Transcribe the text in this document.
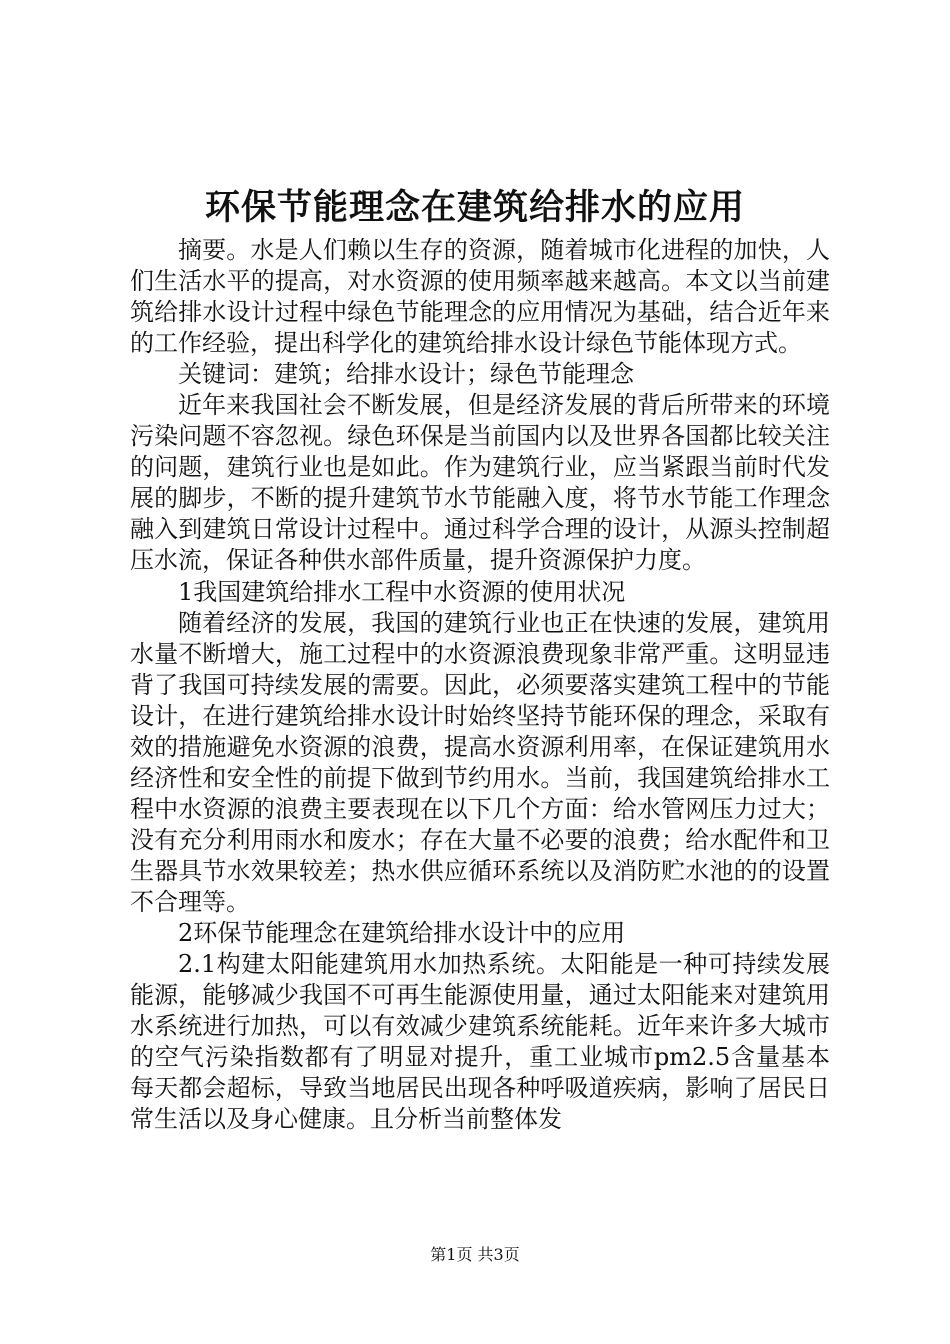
环保节能理念在建筑给排水的应用

摘要。水是人们赖以生存的资源，随着城市化进程的加快，人们生活水平的提高，对水资源的使用频率越来越高。本文以当前建筑给排水设计过程中绿色节能理念的应用情况为基础，结合近年来的工作经验，提出科学化的建筑给排水设计绿色节能体现方式。

关键词：建筑；给排水设计；绿色节能理念

近年来我国社会不断发展，但是经济发展的背后所带来的环境污染问题不容忽视。绿色环保是当前国内以及世界各国都比较关注的问题，建筑行业也是如此。作为建筑行业，应当紧跟当前时代发展的脚步，不断的提升建筑节水节能融入度，将节水节能工作理念融入到建筑日常设计过程中。通过科学合理的设计，从源头控制超压水流，保证各种供水部件质量，提升资源保护力度。

1我国建筑给排水工程中水资源的使用状况

随着经济的发展，我国的建筑行业也正在快速的发展，建筑用水量不断增大，施工过程中的水资源浪费现象非常严重。这明显违背了我国可持续发展的需要。因此，必须要落实建筑工程中的节能设计，在进行建筑给排水设计时始终坚持节能环保的理念，采取有效的措施避免水资源的浪费，提高水资源利用率，在保证建筑用水经济性和安全性的前提下做到节约用水。当前，我国建筑给排水工程中水资源的浪费主要表现在以下几个方面：给水管网压力过大；没有充分利用雨水和废水；存在大量不必要的浪费；给水配件和卫生器具节水效果较差；热水供应循环系统以及消防贮水池的的设置不合理等。

2环保节能理念在建筑给排水设计中的应用

2.1构建太阳能建筑用水加热系统。太阳能是一种可持续发展能源，能够减少我国不可再生能源使用量，通过太阳能来对建筑用水系统进行加热，可以有效减少建筑系统能耗。近年来许多大城市的空气污染指数都有了明显对提升，重工业城市pm2.5含量基本每天都会超标，导致当地居民出现各种呼吸道疾病，影响了居民日常生活以及身心健康。且分析当前整体发

第1页 共3页
